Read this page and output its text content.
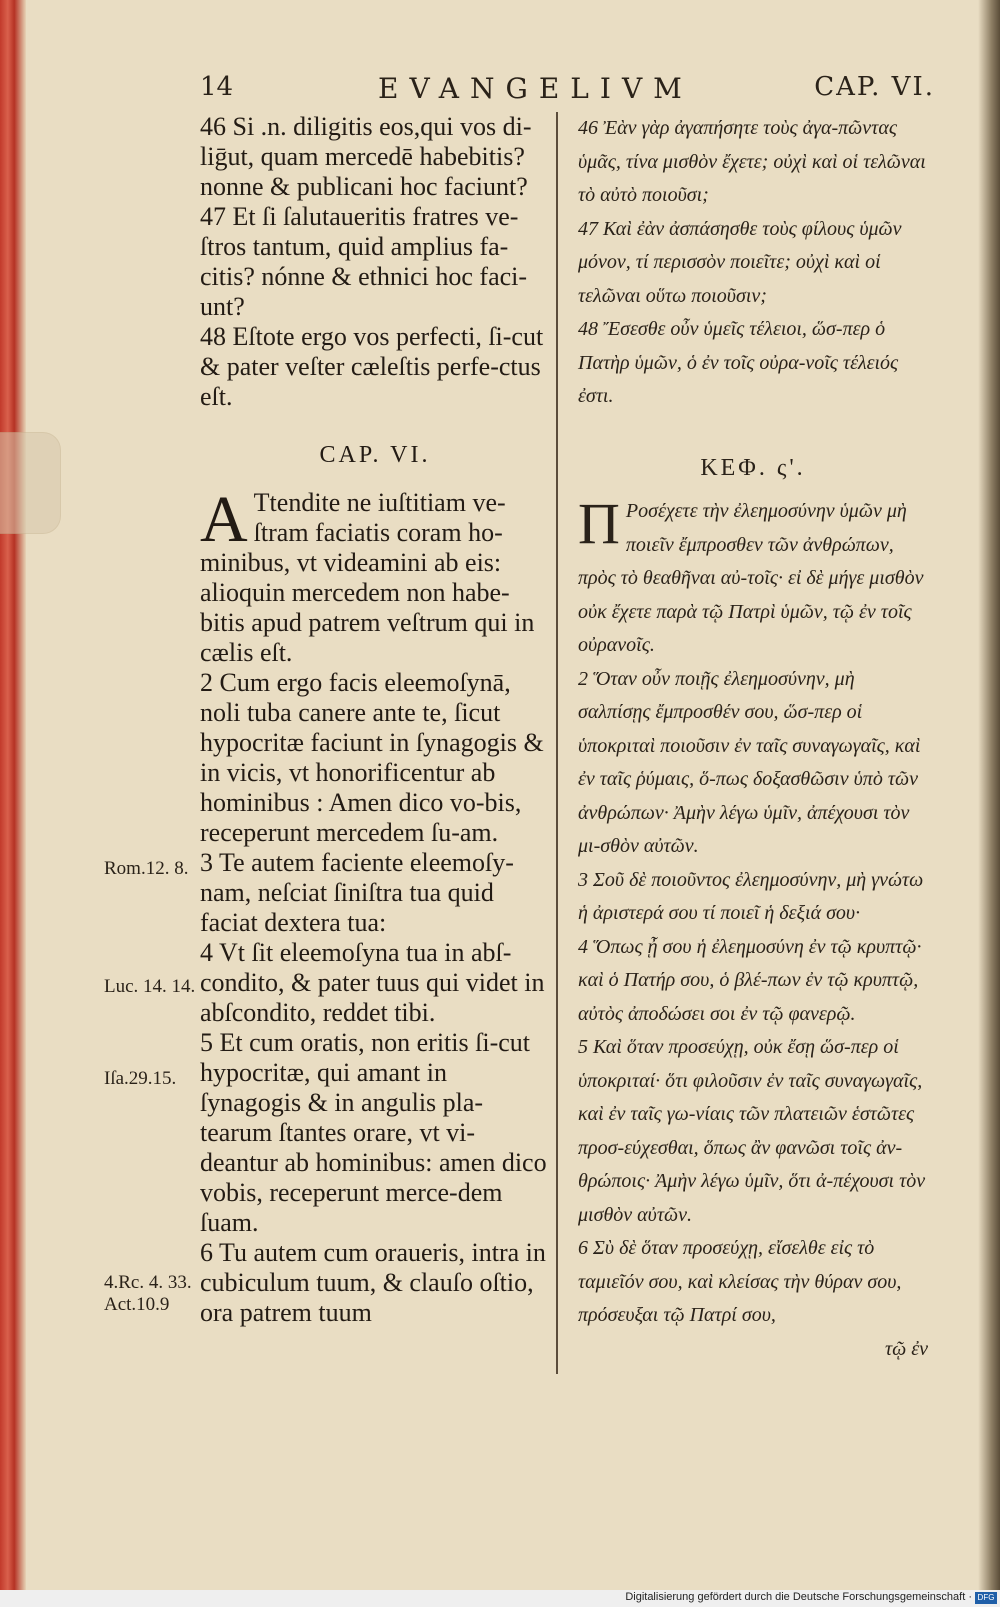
14	EVANGELIVM	CAP. VI.

46 Si .n. diligitis eos,qui vos di-liḡut, quam mercedē habebitis? nonne & publicani hoc faciunt?

47 Et ſi ſalutaueritis fratres ve-ſtros tantum, quid amplius fa-citis? nónne & ethnici hoc faci-unt?

48 Eſtote ergo vos perfecti, ſi-cut & pater veſter cæleſtis perfe-ctus eſt.

CAP. VI.

A Ttendite ne iuſtitiam ve-ſtram faciatis coram ho-minibus, vt videamini ab eis: alioquin mercedem non habe-bitis apud patrem veſtrum qui in cælis eſt.

2 Cum ergo facis eleemoſynā, noli tuba canere ante te, ſicut hypocritæ faciunt in ſynagogis & in vicis, vt honorificentur ab hominibus : Amen dico vo-bis, receperunt mercedem ſu-am.

3 Te autem faciente eleemoſy-nam, neſciat ſiniſtra tua quid faciat dextera tua:

4 Vt ſit eleemoſyna tua in abſ-condito, & pater tuus qui videt in abſcondito, reddet tibi.

5 Et cum oratis, non eritis ſi-cut hypocritæ, qui amant in ſynagogis & in angulis pla-tearum ſtantes orare, vt vi-deantur ab hominibus: amen dico vobis, receperunt merce-dem ſuam.

6 Tu autem cum oraueris, intra in cubiculum tuum, & clauſo oſtio, ora patrem tuum

46 Ἐὰν γὰρ ἀγαπήσητε τοὺς ἀγα-πῶντας ὑμᾶς, τίνα μισθὸν ἔχετε; οὐχὶ καὶ οἱ τελῶναι τὸ αὐτὸ ποιοῦσι;

47 Καὶ ἐὰν ἀσπάσησθε τοὺς φίλους ὑμῶν μόνον, τί περισσὸν ποιεῖτε; οὐχὶ καὶ οἱ τελῶναι οὕτω ποιοῦσιν;

48 Ἔσεσθε οὖν ὑμεῖς τέλειοι, ὥσ-περ ὁ Πατὴρ ὑμῶν, ὁ ἐν τοῖς οὐρα-νοῖς τέλειός ἐστι.

ΚΕΦ. ς'.

Π Ροσέχετε τὴν ἐλεημοσύνην ὑμῶν μὴ ποιεῖν ἔμπροσθεν τῶν ἀνθρώπων, πρὸς τὸ θεαθῆναι αὐ-τοῖς· εἰ δὲ μήγε μισθὸν οὐκ ἔχετε παρὰ τῷ Πατρὶ ὑμῶν, τῷ ἐν τοῖς οὐρανοῖς.

2 Ὅταν οὖν ποιῇς ἐλεημοσύνην, μὴ σαλπίσῃς ἔμπροσθέν σου, ὥσ-περ οἱ ὑποκριταὶ ποιοῦσιν ἐν ταῖς συναγωγαῖς, καὶ ἐν ταῖς ῥύμαις, ὅ-πως δοξασθῶσιν ὑπὸ τῶν ἀνθρώπων· Ἀμὴν λέγω ὑμῖν, ἀπέχουσι τὸν μι-σθὸν αὐτῶν.

3 Σοῦ δὲ ποιοῦντος ἐλεημοσύνην, μὴ γνώτω ἡ ἀριστερά σου τί ποιεῖ ἡ δεξιά σου·

4 Ὅπως ᾖ σου ἡ ἐλεημοσύνη ἐν τῷ κρυπτῷ· καὶ ὁ Πατήρ σου, ὁ βλέ-πων ἐν τῷ κρυπτῷ, αὐτὸς ἀποδώσει σοι ἐν τῷ φανερῷ.

5 Καὶ ὅταν προσεύχῃ, οὐκ ἔσῃ ὥσ-περ οἱ ὑποκριταί· ὅτι φιλοῦσιν ἐν ταῖς συναγωγαῖς, καὶ ἐν ταῖς γω-νίαις τῶν πλατειῶν ἑστῶτες προσ-εύχεσθαι, ὅπως ἂν φανῶσι τοῖς ἀν-θρώποις· Ἀμὴν λέγω ὑμῖν, ὅτι ἀ-πέχουσι τὸν μισθὸν αὐτῶν.

6 Σὺ δὲ ὅταν προσεύχῃ, εἴσελθε εἰς τὸ ταμιεῖόν σου, καὶ κλείσας τὴν θύραν σου, πρόσευξαι τῷ Πατρί σου,

τῷ ἐν

Rom.12. 8.
Luc. 14. 14.
Iſa.29.15.
4.Rc. 4. 33. Act.10.9
Digitalisierung gefördert durch die Deutsche Forschungsgemeinschaft · DFG
